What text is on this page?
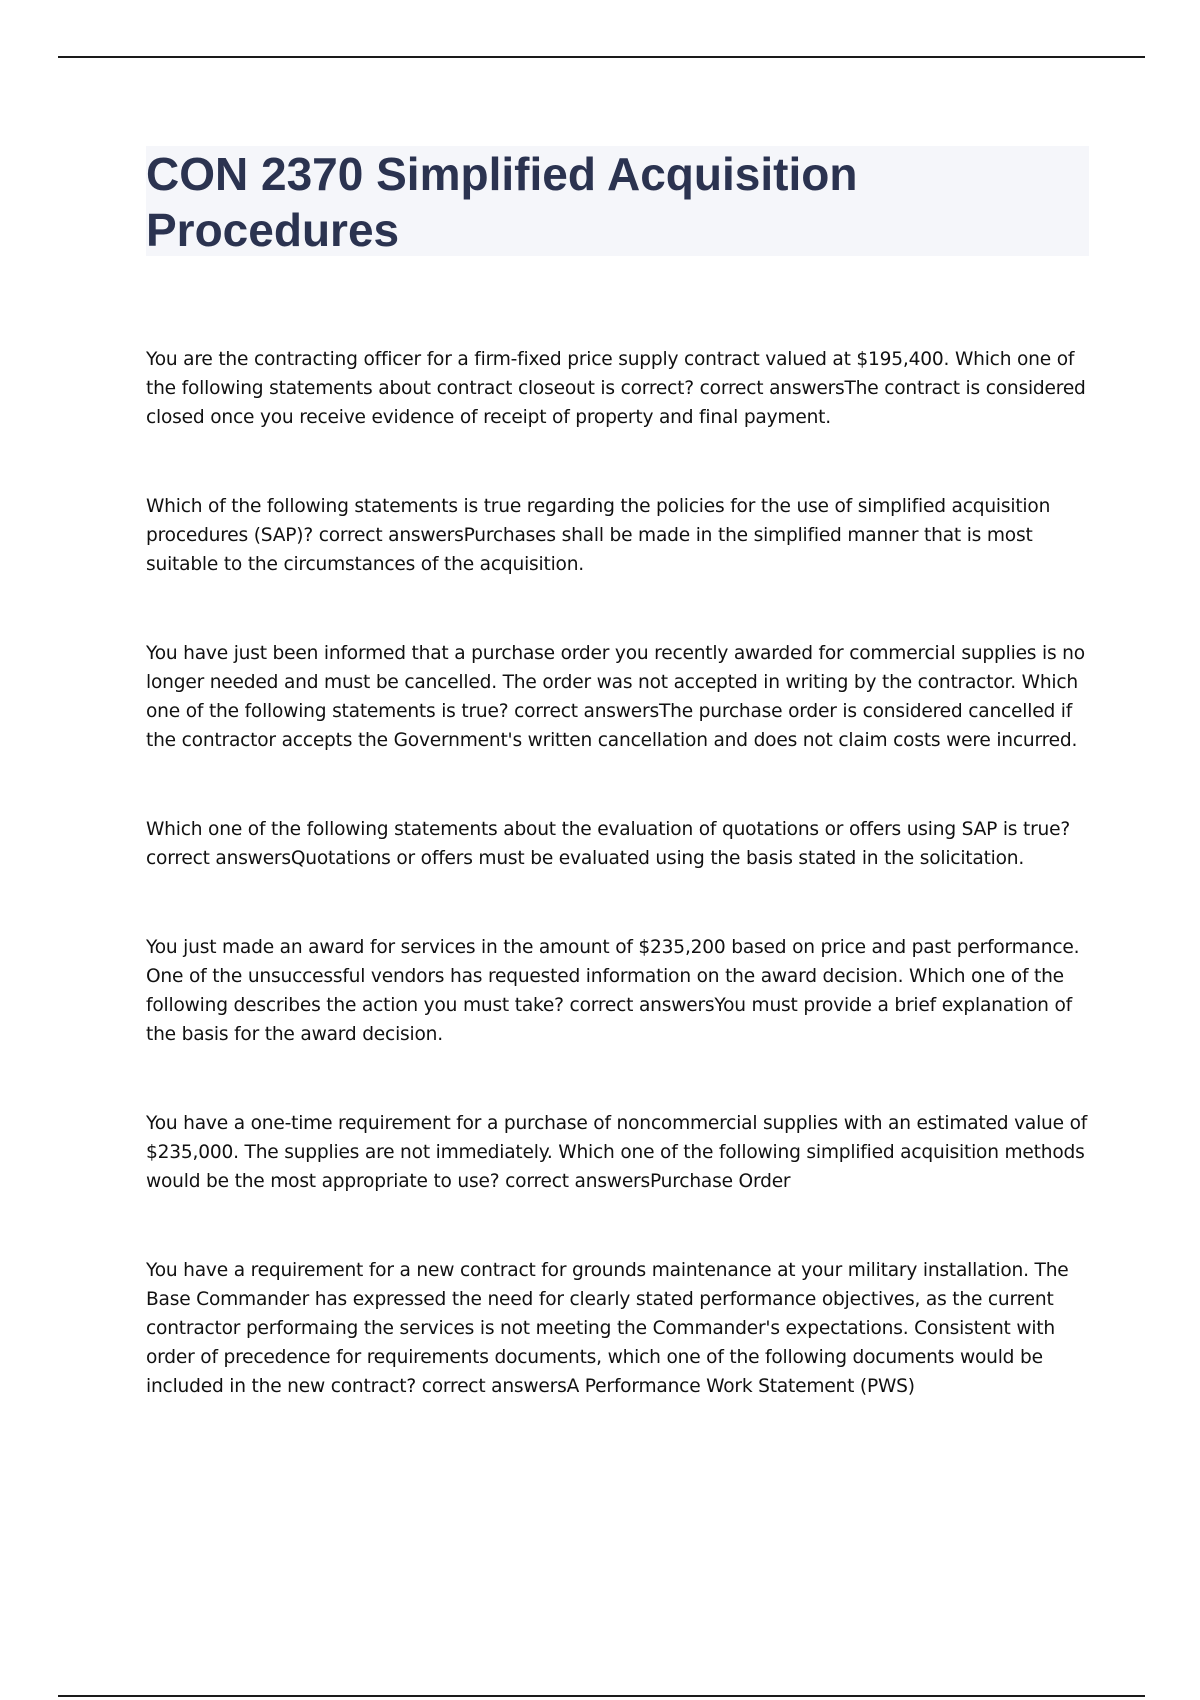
CON 2370 Simplified Acquisition Procedures

You are the contracting officer for a firm-fixed price supply contract valued at $195,400. Which one of the following statements about contract closeout is correct? correct answersThe contract is considered closed once you receive evidence of receipt of property and final payment.

Which of the following statements is true regarding the policies for the use of simplified acquisition procedures (SAP)? correct answersPurchases shall be made in the simplified manner that is most suitable to the circumstances of the acquisition.

You have just been informed that a purchase order you recently awarded for commercial supplies is no longer needed and must be cancelled. The order was not accepted in writing by the contractor. Which one of the following statements is true? correct answersThe purchase order is considered cancelled if the contractor accepts the Government's written cancellation and does not claim costs were incurred.

Which one of the following statements about the evaluation of quotations or offers using SAP is true? correct answersQuotations or offers must be evaluated using the basis stated in the solicitation.

You just made an award for services in the amount of $235,200 based on price and past performance. One of the unsuccessful vendors has requested information on the award decision. Which one of the following describes the action you must take? correct answersYou must provide a brief explanation of the basis for the award decision.

You have a one-time requirement for a purchase of noncommercial supplies with an estimated value of $235,000. The supplies are not immediately. Which one of the following simplified acquisition methods would be the most appropriate to use? correct answersPurchase Order

You have a requirement for a new contract for grounds maintenance at your military installation. The Base Commander has expressed the need for clearly stated performance objectives, as the current contractor performaing the services is not meeting the Commander's expectations. Consistent with order of precedence for requirements documents, which one of the following documents would be included in the new contract? correct answersA Performance Work Statement (PWS)
